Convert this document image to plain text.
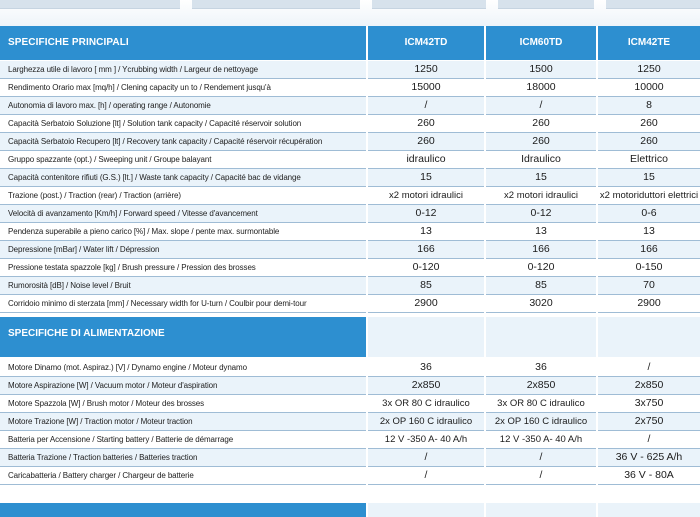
SPECIFICHE PRINCIPALI	ICM42TD	ICM60TD	ICM42TE
Larghezza utile di lavoro [ mm ] / Ycrubbing width / Largeur de nettoyage	1250	1500	1250
Rendimento Orario max [mq/h] / Clening capacity un to / Rendement jusqu'à	15000	18000	10000
Autonomia di lavoro max. [h] / operating range / Autonomie	/	/	8
Capacità Serbatoio Soluzione [lt] / Solution tank capacity / Capacité réservoir solution	260	260	260
Capacità Serbatoio Recupero [lt] / Recovery tank capacity / Capacité réservoir récupération	260	260	260
Gruppo spazzante (opt.) / Sweeping unit / Groupe balayant	idraulico	Idraulico	Elettrico
Capacità contenitore rifiuti (G.S.) [lt.] / Waste tank capacity / Capacité bac de vidange	15	15	15
Trazione (post.) / Traction (rear) / Traction (arrière)	x2 motori idraulici	x2 motori idraulici	x2 motoriduttori elettrici
Velocità di avanzamento [Km/h] / Forward speed / Vitesse d'avancement	0-12	0-12	0-6
Pendenza superabile a pieno carico [%] / Max. slope / pente max. surmontable	13	13	13
Depressione [mBar] / Water lift / Dépression	166	166	166
Pressione testata spazzole [kg] / Brush pressure / Pression des brosses	0-120	0-120	0-150
Rumorosità [dB] / Noise level / Bruit	85	85	70
Corridoio minimo di sterzata [mm] / Necessary width for U-turn / Coulbir pour demi-tour	2900	3020	2900
SPECIFICHE DI ALIMENTAZIONE
Motore Dinamo (mot. Aspiraz.) [V] / Dynamo engine / Moteur dynamo	36	36	/
Motore Aspirazione [W] / Vacuum motor / Moteur d'aspiration	2x850	2x850	2x850
Motore Spazzola [W] / Brush motor / Moteur des brosses	3x OR 80 C idraulico	3x OR 80 C idraulico	3x750
Motore Trazione [W] / Traction motor / Moteur traction	2x OP 160 C idraulico	2x OP 160 C idraulico	2x750
Batteria per Accensione / Starting battery / Batterie de démarrage	12 V -350 A- 40 A/h	12 V -350 A- 40 A/h	/
Batteria Trazione / Traction batteries / Batteries traction	/	/	36 V - 625 A/h
Caricabatteria / Battery charger / Chargeur de batterie	/	/	36 V - 80A
